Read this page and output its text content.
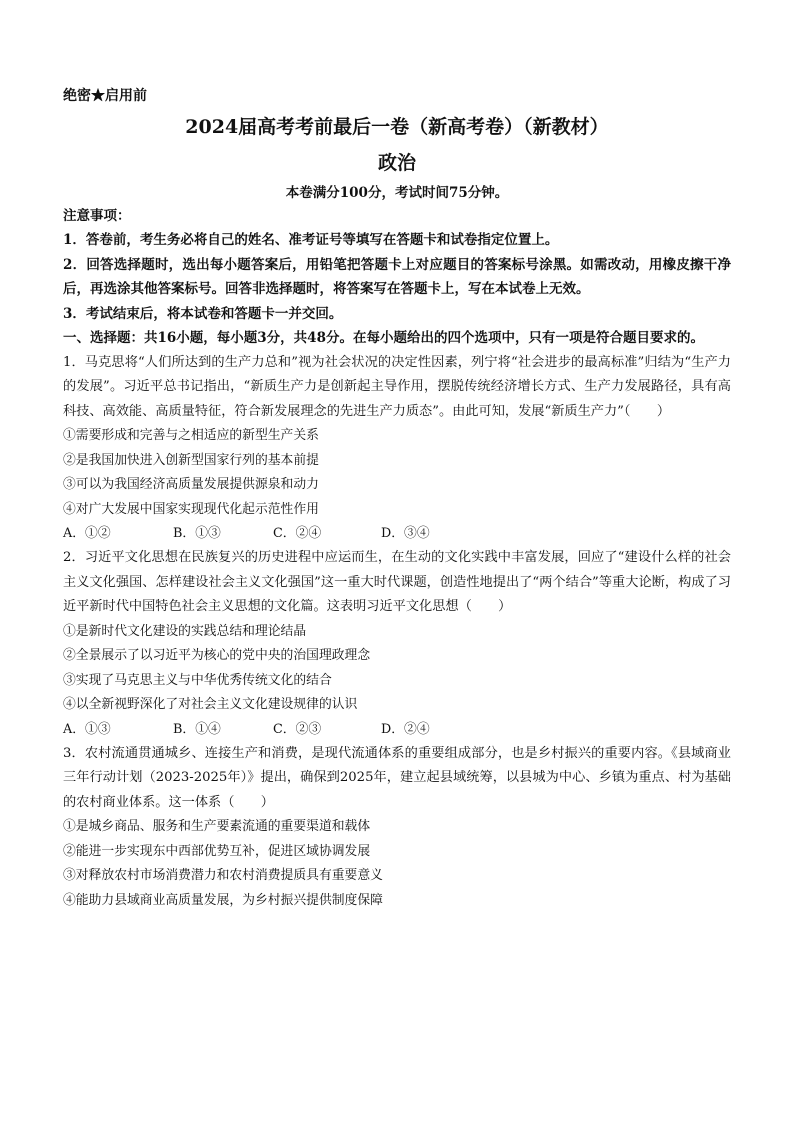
绝密★启用前
2024届高考考前最后一卷（新高考卷）（新教材）
政治
本卷满分100分，考试时间75分钟。
注意事项：
1．答卷前，考生务必将自己的姓名、准考证号等填写在答题卡和试卷指定位置上。
2．回答选择题时，选出每小题答案后，用铅笔把答题卡上对应题目的答案标号涂黑。如需改动，用橡皮擦干净后，再选涂其他答案标号。回答非选择题时，将答案写在答题卡上，写在本试卷上无效。
3．考试结束后，将本试卷和答题卡一并交回。
一、选择题：共16小题，每小题3分，共48分。在每小题给出的四个选项中，只有一项是符合题目要求的。
1．马克思将“人们所达到的生产力总和”视为社会状况的决定性因素，列宁将“社会进步的最高标准”归结为“生产力的发展”。习近平总书记指出，“新质生产力是创新起主导作用，摆脱传统经济增长方式、生产力发展路径，具有高科技、高效能、高质量特征，符合新发展理念的先进生产力质态”。由此可知，发展“新质生产力”（　　）
①需要形成和完善与之相适应的新型生产关系
②是我国加快进入创新型国家行列的基本前提
③可以为我国经济高质量发展提供源泉和动力
④对广大发展中国家实现现代化起示范性作用
A．①②	B．①③	C．②④	D．③④
2．习近平文化思想在民族复兴的历史进程中应运而生，在生动的文化实践中丰富发展，回应了“建设什么样的社会主义文化强国、怎样建设社会主义文化强国”这一重大时代课题，创造性地提出了“两个结合”等重大论断，构成了习近平新时代中国特色社会主义思想的文化篇。这表明习近平文化思想（　　）
①是新时代文化建设的实践总结和理论结晶
②全景展示了以习近平为核心的党中央的治国理政理念
③实现了马克思主义与中华优秀传统文化的结合
④以全新视野深化了对社会主义文化建设规律的认识
A．①③	B．①④	C．②③	D．②④
3．农村流通贯通城乡、连接生产和消费，是现代流通体系的重要组成部分，也是乡村振兴的重要内容。《县域商业三年行动计划（2023-2025年）》提出，确保到2025年，建立起县域统筹，以县城为中心、乡镇为重点、村为基础的农村商业体系。这一体系（　　）
①是城乡商品、服务和生产要素流通的重要渠道和载体
②能进一步实现东中西部优势互补，促进区域协调发展
③对释放农村市场消费潜力和农村消费提质具有重要意义
④能助力县域商业高质量发展，为乡村振兴提供制度保障
